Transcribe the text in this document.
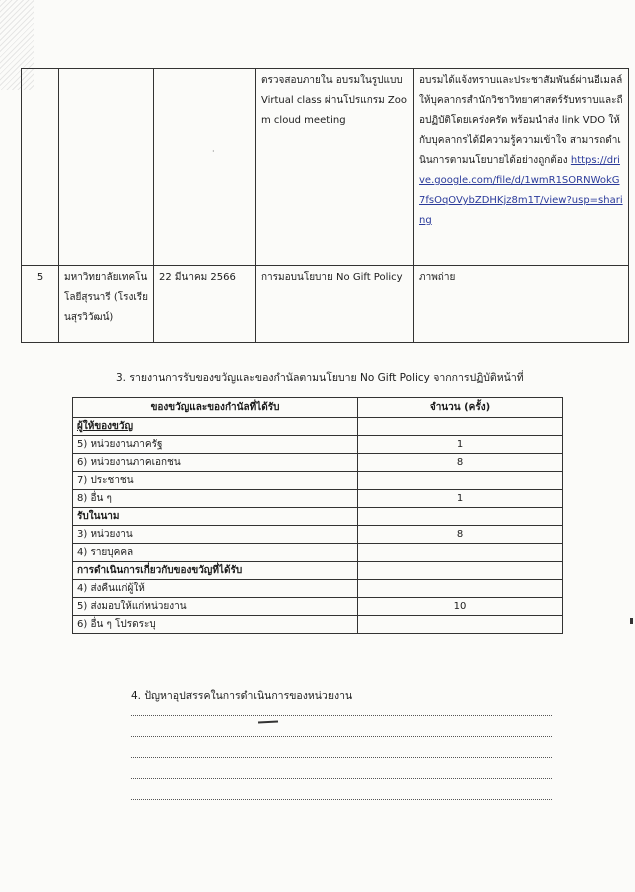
			ตรวจสอบภายใน อบรมในรูปแบบ Virtual class ผ่านโปรแกรม Zoom cloud meeting	อบรมได้แจ้งทราบและประชาสัมพันธ์ผ่านอีเมลล์ให้บุคลากรสำนักวิชาวิทยาศาสตร์รับทราบและถือปฏิบัติโดยเคร่งครัด พร้อมนำส่ง link VDO ให้กับบุคลากรได้มีความรู้ความเข้าใจ สามารถดำเนินการตามนโยบายได้อย่างถูกต้อง https://drive.google.com/file/d/1wmR1SORNWokG7fsOqOVybZDHKjz8m1T/view?usp=sharing
5	มหาวิทยาลัยเทคโนโลยีสุรนารี (โรงเรียนสุรวิวัฒน์)	22 มีนาคม 2566	การมอบนโยบาย No Gift Policy	ภาพถ่าย
·
3. รายงานการรับของขวัญและของกำนัลตามนโยบาย No Gift Policy จากการปฏิบัติหน้าที่
ของขวัญและของกำนัลที่ได้รับ	จำนวน (ครั้ง)
ผู้ให้ของขวัญ	
5) หน่วยงานภาครัฐ	1
6) หน่วยงานภาคเอกชน	8
7) ประชาชน	
8) อื่น ๆ	1
รับในนาม	
3) หน่วยงาน	8
4) รายบุคคล	
การดำเนินการเกี่ยวกับของขวัญที่ได้รับ	
4) ส่งคืนแก่ผู้ให้	
5) ส่งมอบให้แก่หน่วยงาน	10
6) อื่น ๆ โปรดระบุ	
4. ปัญหาอุปสรรคในการดำเนินการของหน่วยงาน
